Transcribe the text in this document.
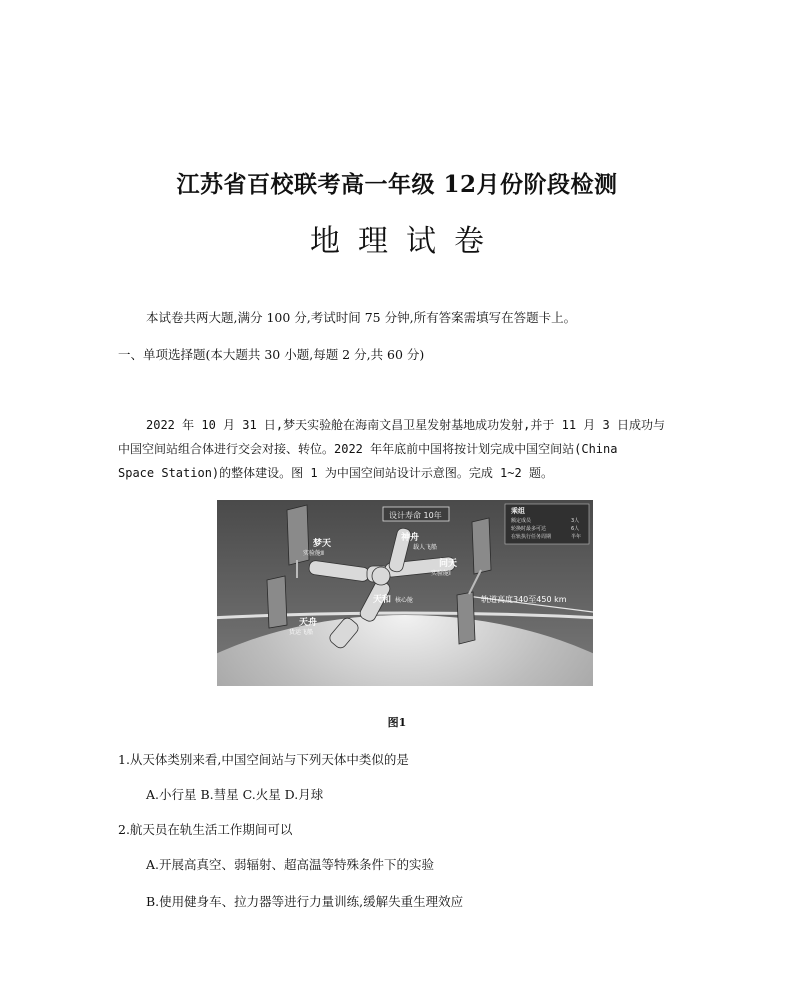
江苏省百校联考高一年级 12月份阶段检测
地理试卷
本试卷共两大题,满分 100 分,考试时间 75 分钟,所有答案需填写在答题卡上。
一、单项选择题(本大题共 30 小题,每题 2 分,共 60 分)
2022 年 10 月 31 日,梦天实验舱在海南文昌卫星发射基地成功发射,并于 11 月 3 日成功与
中国空间站组合体进行交会对接、转位。2022 年年底前中国将按计划完成中国空间站(China
Space Station)的整体建设。图 1 为中国空间站设计示意图。完成 1~2 题。
设计寿命 10年	乘组
额定成员	3人
轮换时最多可达	6人
在轨执行任务周期	半年
梦天
实验舱Ⅱ
神舟
载人飞船
问天
实验舱Ⅰ
天和 核心舱
天舟
货运飞船
轨道高度340至450 km
图1
1.从天体类别来看,中国空间站与下列天体中类似的是
A.小行星 B.彗星 C.火星 D.月球
2.航天员在轨生活工作期间可以
A.开展高真空、弱辐射、超高温等特殊条件下的实验
B.使用健身车、拉力器等进行力量训练,缓解失重生理效应
